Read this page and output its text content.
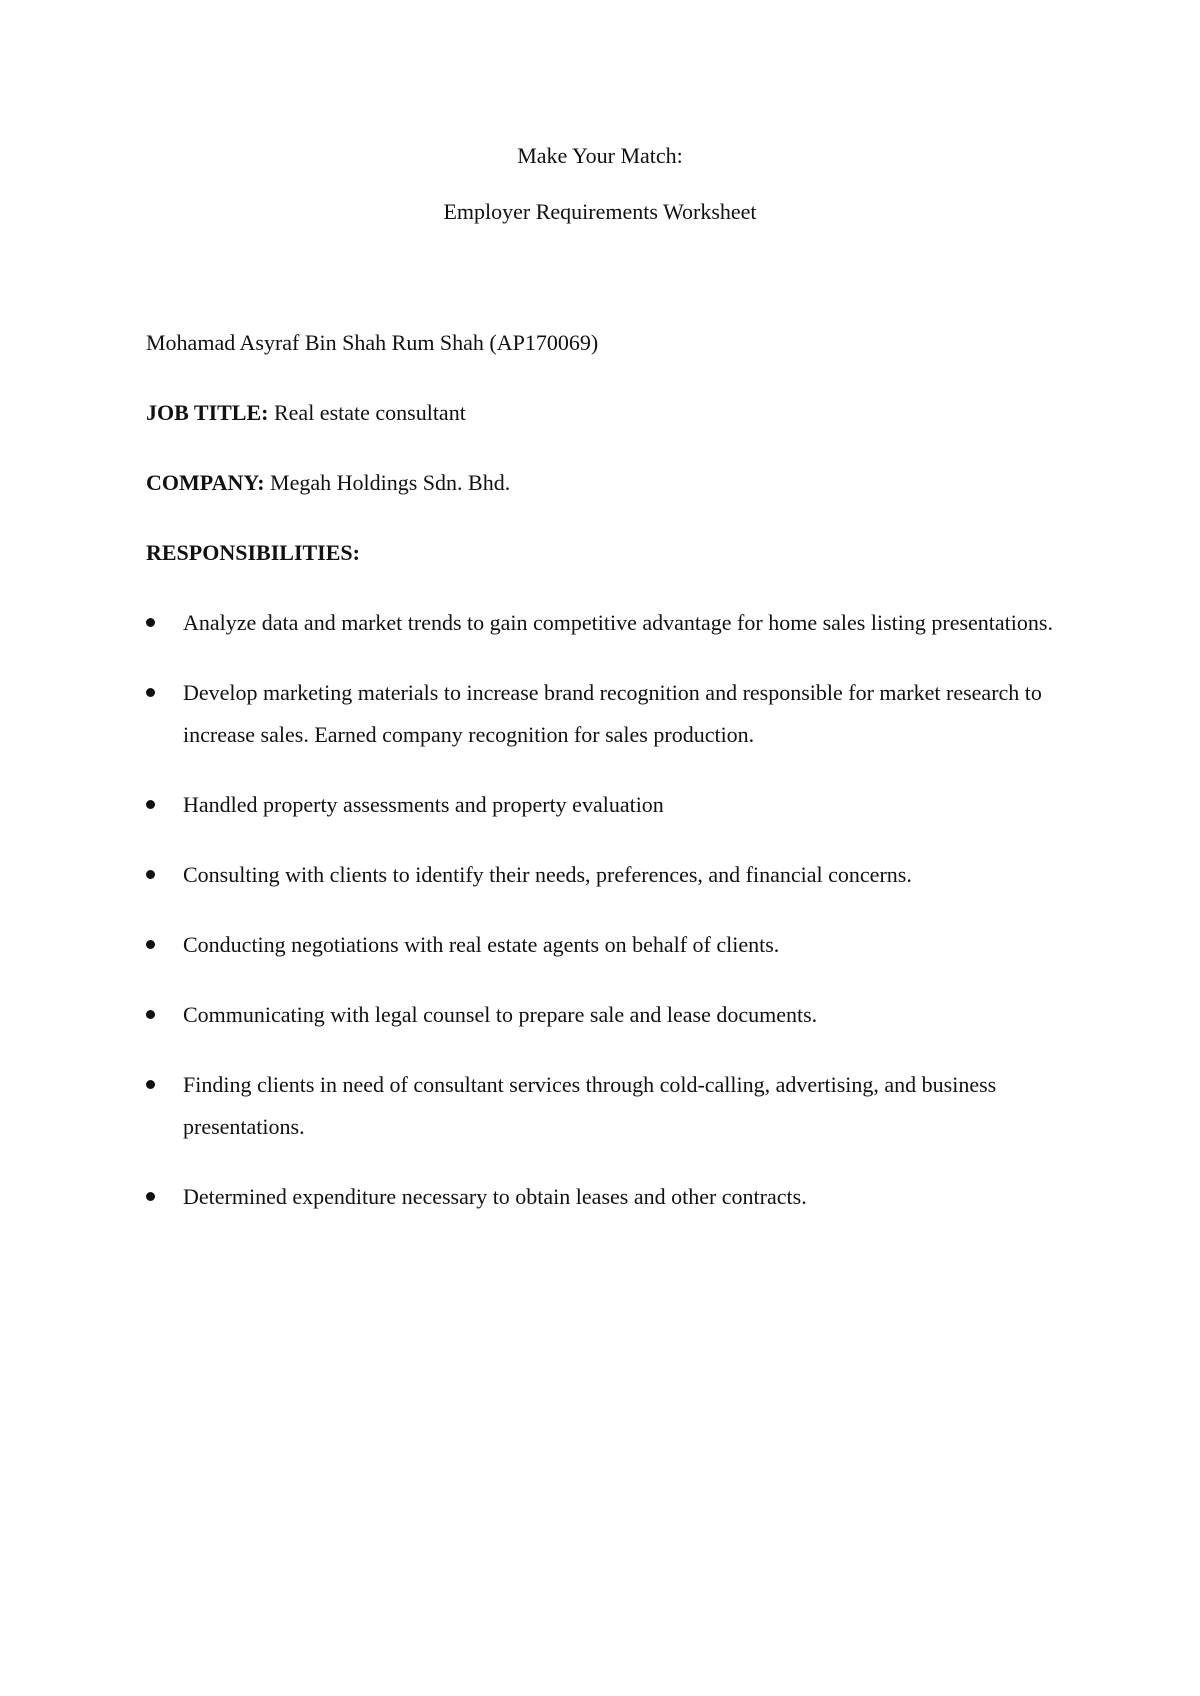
Make Your Match:
Employer Requirements Worksheet

Mohamad Asyraf Bin Shah Rum Shah (AP170069)

JOB TITLE: Real estate consultant

COMPANY: Megah Holdings Sdn. Bhd.

RESPONSIBILITIES:

Analyze data and market trends to gain competitive advantage for home sales listing presentations.
Develop marketing materials to increase brand recognition and responsible for market research to increase sales. Earned company recognition for sales production.
Handled property assessments and property evaluation
Consulting with clients to identify their needs, preferences, and financial concerns.
Conducting negotiations with real estate agents on behalf of clients.
Communicating with legal counsel to prepare sale and lease documents.
Finding clients in need of consultant services through cold-calling, advertising, and business presentations.
Determined expenditure necessary to obtain leases and other contracts.
